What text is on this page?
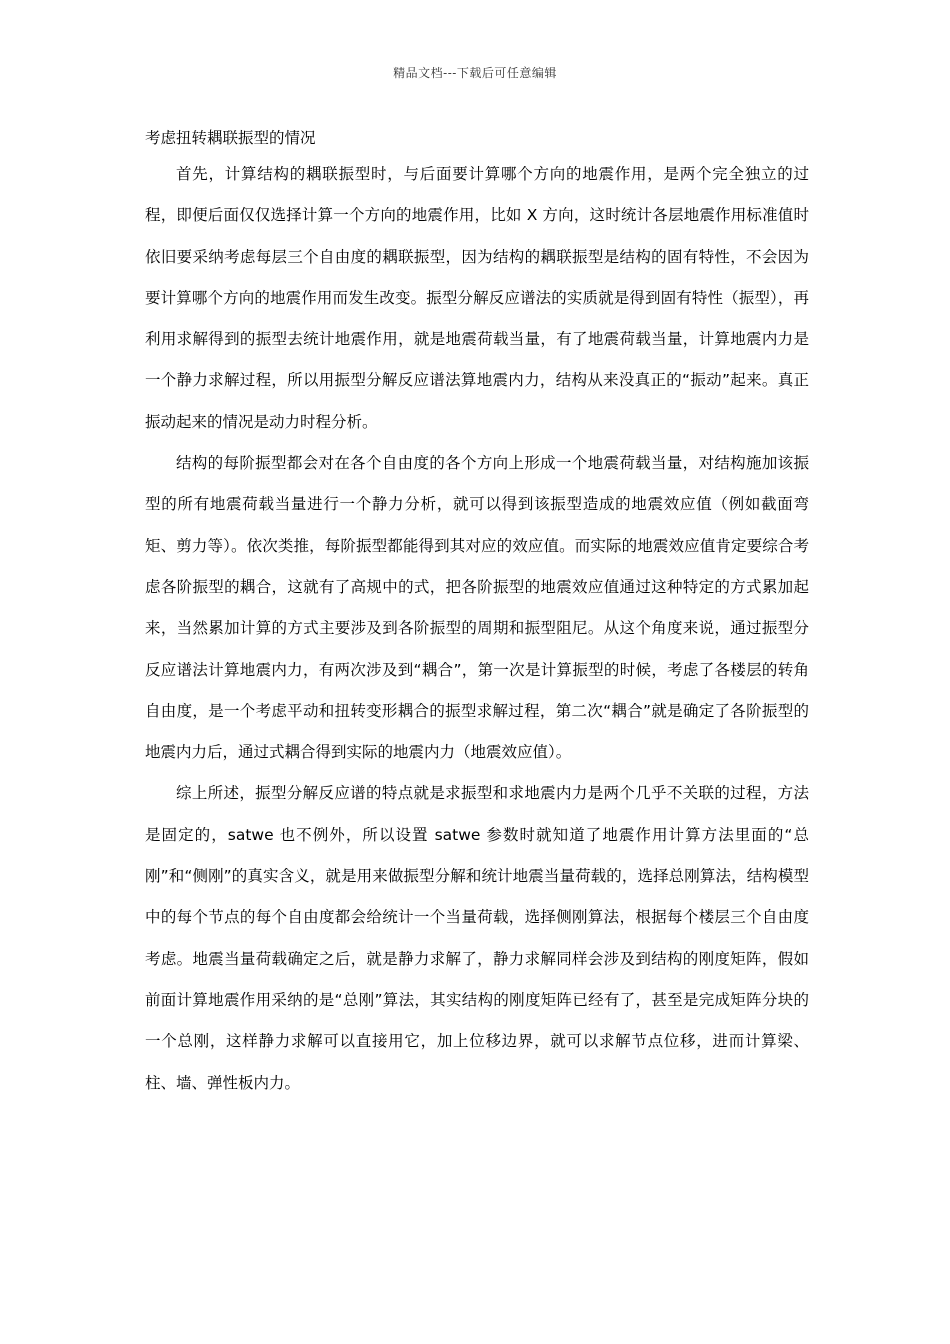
精品文档---下载后可任意编辑
考虑扭转耦联振型的情况

首先，计算结构的耦联振型时，与后面要计算哪个方向的地震作用，是两个完全独立的过程，即便后面仅仅选择计算一个方向的地震作用，比如 X 方向，这时统计各层地震作用标准值时依旧要采纳考虑每层三个自由度的耦联振型，因为结构的耦联振型是结构的固有特性，不会因为要计算哪个方向的地震作用而发生改变。振型分解反应谱法的实质就是得到固有特性（振型），再利用求解得到的振型去统计地震作用，就是地震荷载当量，有了地震荷载当量，计算地震内力是一个静力求解过程，所以用振型分解反应谱法算地震内力，结构从来没真正的“振动”起来。真正振动起来的情况是动力时程分析。

结构的每阶振型都会对在各个自由度的各个方向上形成一个地震荷载当量，对结构施加该振型的所有地震荷载当量进行一个静力分析，就可以得到该振型造成的地震效应值（例如截面弯矩、剪力等）。依次类推，每阶振型都能得到其对应的效应值。而实际的地震效应值肯定要综合考虑各阶振型的耦合，这就有了高规中的式，把各阶振型的地震效应值通过这种特定的方式累加起来，当然累加计算的方式主要涉及到各阶振型的周期和振型阻尼。从这个角度来说，通过振型分反应谱法计算地震内力，有两次涉及到“耦合”，第一次是计算振型的时候，考虑了各楼层的转角自由度，是一个考虑平动和扭转变形耦合的振型求解过程，第二次“耦合”就是确定了各阶振型的地震内力后，通过式耦合得到实际的地震内力（地震效应值）。

综上所述，振型分解反应谱的特点就是求振型和求地震内力是两个几乎不关联的过程，方法是固定的，satwe 也不例外，所以设置 satwe 参数时就知道了地震作用计算方法里面的“总刚”和“侧刚”的真实含义，就是用来做振型分解和统计地震当量荷载的，选择总刚算法，结构模型中的每个节点的每个自由度都会给统计一个当量荷载，选择侧刚算法，根据每个楼层三个自由度考虑。地震当量荷载确定之后，就是静力求解了，静力求解同样会涉及到结构的刚度矩阵，假如前面计算地震作用采纳的是“总刚”算法，其实结构的刚度矩阵已经有了，甚至是完成矩阵分块的一个总刚，这样静力求解可以直接用它，加上位移边界，就可以求解节点位移，进而计算梁、柱、墙、弹性板内力。
